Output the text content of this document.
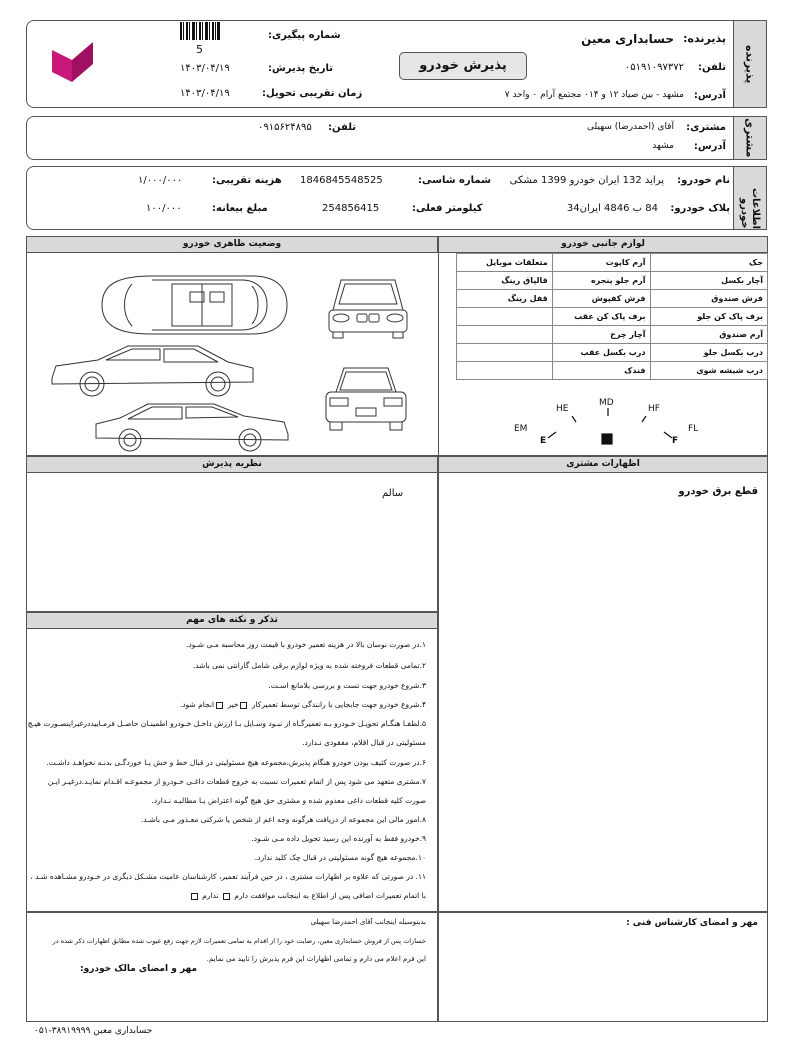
پذیرنده
5
شماره پیگیری:
تاریخ پذیرش:
۱۴۰۳/۰۴/۱۹
زمان تقریبی تحویل:
۱۴۰۳/۰۴/۱۹
پذیرش خودرو
پذیرنده:
حسابداری معین
تلفن:
۰۵۱۹۱۰۹۷۳۷۲
آدرس:
مشهد - بین صیاد ۱۲ و ۰۱۴ مجتمع آرام ۰ واحد ۷
مشتری
مشتری:
آقای (احمدرضا) سهیلی
تلفن:
۰۹۱۵۶۲۴۸۹۵
آدرس:
مشهد
اطلاعات خودرو
نام خودرو:
پراید 132 ایران خودرو 1399 مشکی
شماره شاسی:
1846845548525
هزینه تقریبی:
۱/۰۰۰/۰۰۰
پلاک خودرو:
84 ب 4846 ایران34
کیلومتر فعلی:
254856415
مبلغ بیعانه:
۱۰۰/۰۰۰
لوازم جانبی خودرو
وضعیت ظاهری خودرو
جک	آرم کاپوت	متعلقات موبایل
آچار بکسل	آرم جلو پنجره	قالپاق رینگ
فرش صندوق	فرش کفپوش	قفل رینگ
برف پاک کن جلو	برف پاک کن عقب	
آرم صندوق	آچار چرخ	
درب بکسل جلو	درب بکسل عقب	
درب شیشه شوی	فندک	
EM
HE
MD
HF
FL
E	F
نظریه پذیرش	اظهارات مشتری
سالم	قطع برق خودرو
تذکر و نکته های مهم
۱.در صورت نوسان بالا در هزینه تعمیر خودرو با قیمت روز محاسبه مـی شـود.
۲.تمامی قطعات فروخته شده به ویژه لوازم برقی شامل گارانتی نمی باشد.
۳.شروع خودرو جهت تست و بررسی بلامانع اسـت.
۴.شروع خودرو جهت جابجایی یا رانندگی توسط تعمیرکار خیر انجام شود.
۵.لطفـا هنگـام تحویـل خـودرو بـه تعمیرگـاه از نبـود وسـایل بـا ارزش داخـل خـودرو اطمینـان حاصـل فرمـاییددرغیراینصـورت هیـچ
مسئولیتی در قبال اقلام، مفقودی نـدارد.
۶.در صورت کثیف بودن خودرو هنگام پذیرش،مجموعه هیچ مسئولیتی در قبال خط و خش یـا خوردگـی بدنـه نخواهـد داشـت.
۷.مشتری متعهد می شود پس از اتمام تعمیرات نسبت به خروج قطعات داغـی خـودرو از مجموعـه اقـدام نمایـد.درغیـر ایـن
صورت کلیه قطعات داغی معدوم شده و مشتری حق هیچ گونه اعتراض یـا مطالبـه نـدارد.
۸.امور مالی این مجموعه از دریافت هرگونه وجه اعم از شخص یا شرکتی معـذور مـی باشـد.
۹.خودرو فقط به آورنده این رسید تحویل داده مـی شـود.
۱۰.مجموعه هیچ گونه مسئولیتی در قبال چک کلید ندارد.
۱۱. در صورتی که علاوه بر اظهارات مشتری ، در حین فرآیند تعمیر، کارشناسان عامیت مشـکل دیگری در خـودرو مشـاهده شـد ،
با اتمام تعمیرات اضافی پس از اطلاع به اینجانب موافقت دارم  ندارم
بدینوسیله اینجانب آقای احمدرضا سهیلی
خسارات پس از فروش حسابداری معین، رضایت خود را از اقدام به تمامی تعمیرات لازم جهت رفع عیوب شده مطابق اظهارات ذکر شده در
این فرم اعلام می دارم و تمامی اظهارات این فرم پذیرش را تایید می نمایم.
مهر و امضای مالک خودرو:
مهر و امضای کارشناس فنی :
حسابداری معین ۳۸۹۱۹۹۹۹-۰۵۱
